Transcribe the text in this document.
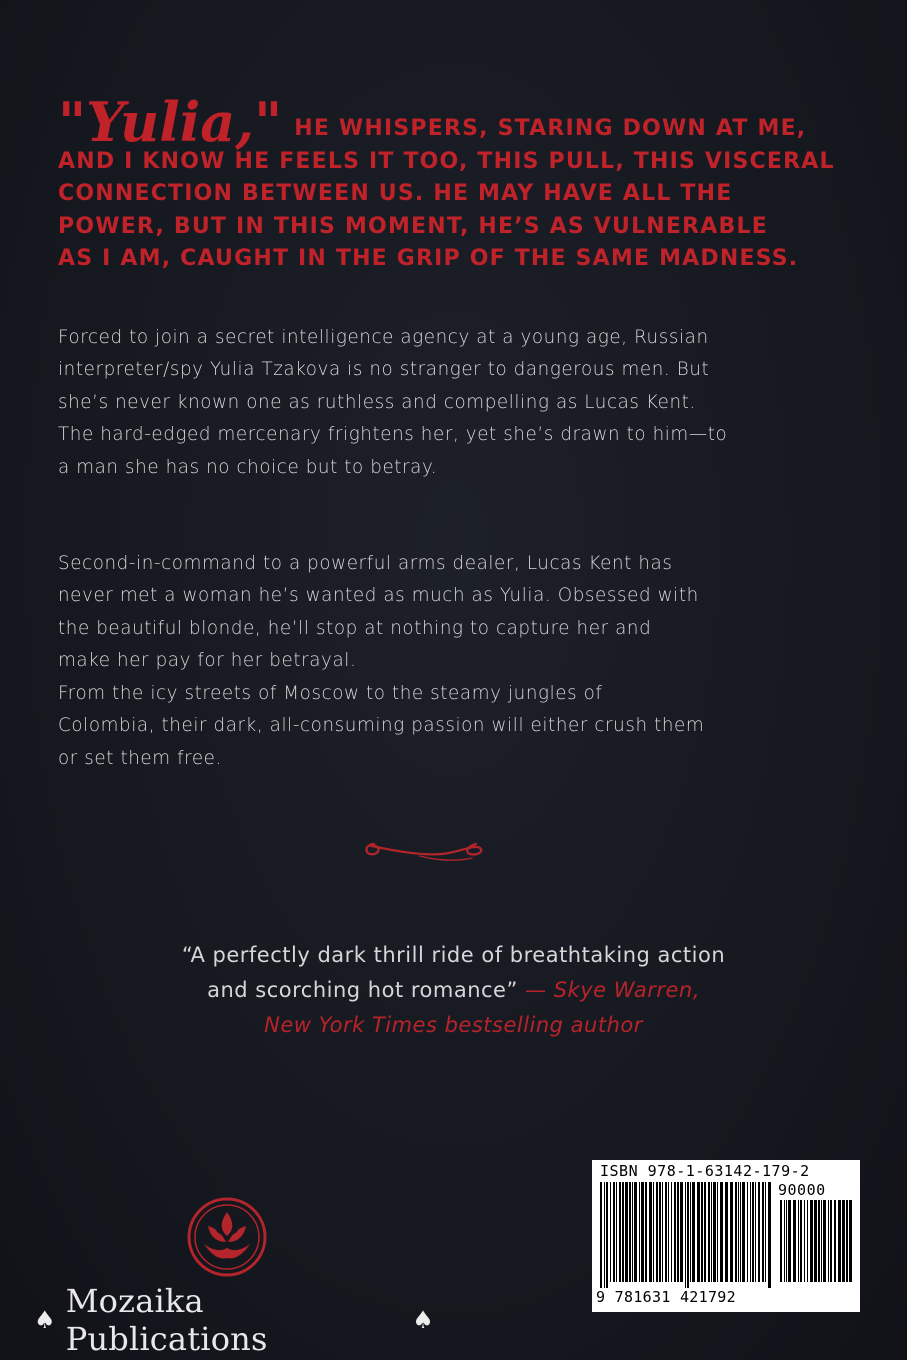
"Yulia," HE WHISPERS, STARING DOWN AT ME,
AND I KNOW HE FEELS IT TOO, THIS PULL, THIS VISCERAL
CONNECTION BETWEEN US. HE MAY HAVE ALL THE
POWER, BUT IN THIS MOMENT, HE’S AS VULNERABLE
AS I AM, CAUGHT IN THE GRIP OF THE SAME MADNESS.

Forced to join a secret intelligence agency at a young age, Russian
interpreter/spy Yulia Tzakova is no stranger to dangerous men. But
she’s never known one as ruthless and compelling as Lucas Kent.
The hard-edged mercenary frightens her, yet she’s drawn to him—to
a man she has no choice but to betray.

Second-in-command to a powerful arms dealer, Lucas Kent has
never met a woman he’s wanted as much as Yulia. Obsessed with
the beautiful blonde, he’ll stop at nothing to capture her and
make her pay for her betrayal.

From the icy streets of Moscow to the steamy jungles of
Colombia, their dark, all-consuming passion will either crush them
or set them free.

“A perfectly dark thrill ride of breathtaking action
and scorching hot romance” — Skye Warren,
New York Times bestselling author
♠ Mozaika Publications	♠
ISBN 978-1-63142-179-2
90000
9 781631 421792
